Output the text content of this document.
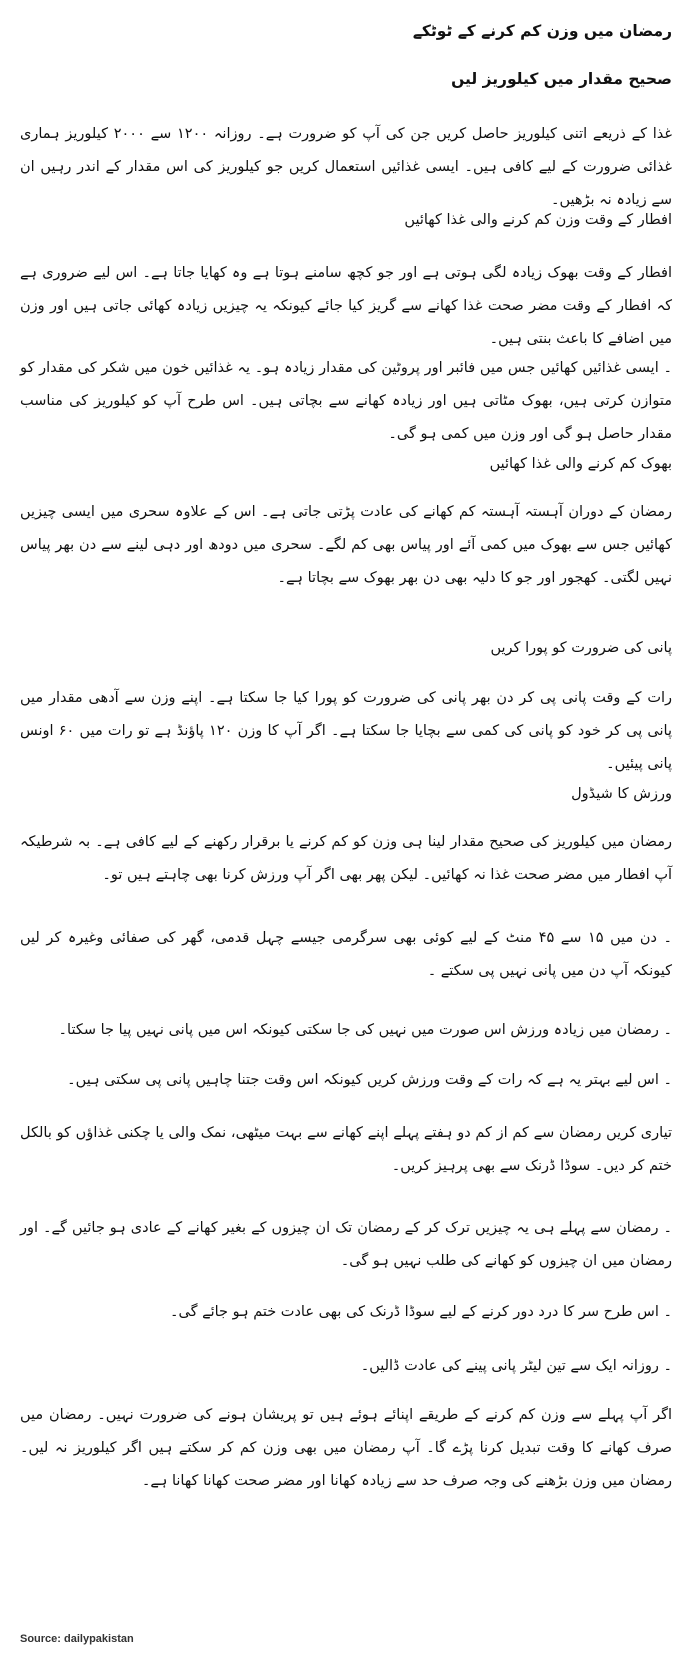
رمضان میں وزن کم کرنے کے ٹوٹکے
صحیح مقدار میں کیلوریز لیں

غذا کے ذریعے اتنی کیلوریز حاصل کریں جن کی آپ کو ضرورت ہے۔ روزانہ ۱۲۰۰ سے ۲۰۰۰ کیلوریز ہماری غذائی ضرورت کے لیے کافی ہیں۔ ایسی غذائیں استعمال کریں جو کیلوریز کی اس مقدار کے اندر رہیں ان سے زیادہ نہ بڑھیں۔

افطار کے وقت وزن کم کرنے والی غذا کھائیں

افطار کے وقت بھوک زیادہ لگی ہوتی ہے اور جو کچھ سامنے ہوتا ہے وہ کھایا جاتا ہے۔ اس لیے ضروری ہے کہ افطار کے وقت مضر صحت غذا کھانے سے گریز کیا جائے کیونکہ یہ چیزیں زیادہ کھائی جاتی ہیں اور وزن میں اضافے کا باعث بنتی ہیں۔

۔ ایسی غذائیں کھائیں جس میں فائبر اور پروٹین کی مقدار زیادہ ہو۔ یہ غذائیں خون میں شکر کی مقدار کو متوازن کرتی ہیں، بھوک مٹاتی ہیں اور زیادہ کھانے سے بچاتی ہیں۔ اس طرح آپ کو کیلوریز کی مناسب مقدار حاصل ہو گی اور وزن میں کمی ہو گی۔

بھوک کم کرنے والی غذا کھائیں

رمضان کے دوران آہستہ آہستہ کم کھانے کی عادت پڑتی جاتی ہے۔ اس کے علاوہ سحری میں ایسی چیزیں کھائیں جس سے بھوک میں کمی آئے اور پیاس بھی کم لگے۔ سحری میں دودھ اور دہی لینے سے دن بھر پیاس نہیں لگتی۔ کھجور اور جو کا دلیہ بھی دن بھر بھوک سے بچاتا ہے۔

پانی کی ضرورت کو پورا کریں

رات کے وقت پانی پی کر دن بھر پانی کی ضرورت کو پورا کیا جا سکتا ہے۔ اپنے وزن سے آدھی مقدار میں پانی پی کر خود کو پانی کی کمی سے بچایا جا سکتا ہے۔ اگر آپ کا وزن ۱۲۰ پاؤنڈ ہے تو رات میں ۶۰ اونس پانی پیئیں۔

ورزش کا شیڈول

رمضان میں کیلوریز کی صحیح مقدار لینا ہی وزن کو کم کرنے یا برقرار رکھنے کے لیے کافی ہے۔ بہ شرطیکہ آپ افطار میں مضر صحت غذا نہ کھائیں۔ لیکن پھر بھی اگر آپ ورزش کرنا بھی چاہتے ہیں تو۔

۔ دن میں ۱۵ سے ۴۵ منٹ کے لیے کوئی بھی سرگرمی جیسے چہل قدمی، گھر کی صفائی وغیرہ کر لیں کیونکہ آپ دن میں پانی نہیں پی سکتے ۔

۔ رمضان میں زیادہ ورزش اس صورت میں نہیں کی جا سکتی کیونکہ اس میں پانی نہیں پیا جا سکتا۔

۔ اس لیے بہتر یہ ہے کہ رات کے وقت ورزش کریں کیونکہ اس وقت جتنا چاہیں پانی پی سکتی ہیں۔

تیاری کریں رمضان سے کم از کم دو ہفتے پہلے اپنے کھانے سے بہت میٹھی، نمک والی یا چکنی غذاؤں کو بالکل ختم کر دیں۔ سوڈا ڈرنک سے بھی پرہیز کریں۔

۔ رمضان سے پہلے ہی یہ چیزیں ترک کر کے رمضان تک ان چیزوں کے بغیر کھانے کے عادی ہو جائیں گے۔ اور رمضان میں ان چیزوں کو کھانے کی طلب نہیں ہو گی۔

۔ اس طرح سر کا درد دور کرنے کے لیے سوڈا ڈرنک کی بھی عادت ختم ہو جائے گی۔

۔ روزانہ ایک سے تین لیٹر پانی پینے کی عادت ڈالیں۔

اگر آپ پہلے سے وزن کم کرنے کے طریقے اپنائے ہوئے ہیں تو پریشان ہونے کی ضرورت نہیں۔ رمضان میں صرف کھانے کا وقت تبدیل کرنا پڑے گا۔ آپ رمضان میں بھی وزن کم کر سکتے ہیں اگر کیلوریز نہ لیں۔ رمضان میں وزن بڑھنے کی وجہ صرف حد سے زیادہ کھانا اور مضر صحت کھانا کھانا ہے۔

Source: dailypakistan
